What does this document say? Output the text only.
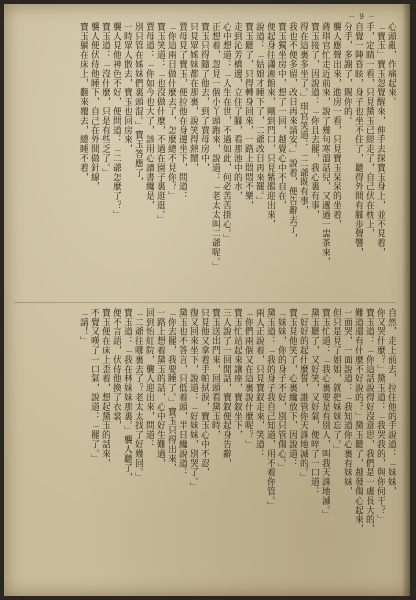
－ 9 －
心頭亂，作痛起來。
「寶玉」寶玉忽覺醒來，伸手去探寶玉身上，並不見着，
手，定睛一看，只見黛玉已經走了，自己伏在枕上，
自覺一陣昏眩，身子也坐不住了，聽得外間有腳步聲響，
分手，多謝了，賜你的。
襲人應聲出來，進房一看，只見寶玉呆呆的坐着，
蔣琪官忙走近前來，說了幾句寒溫話兒，又遞過一盅茶來，
寶玉接了，因說道：「你且去罷，我心裏有事，
得在這裏多坐了。」琪官笑道：「二爺既有事，
我也不便多留，改日再來請安。」說着，便告辭去了，
寶玉獨坐房中，想了一回，越覺心中不自在，
便起身往瀟湘館來，剛到門口，只見紫鵑迎出來，
說道：「姑娘才睡下了，二爺改日再來罷。」
寶玉聽了，只得轉身回來，一路上悶悶不樂，
走到沁芳橋邊，立住了腳，看那池中的水，
心中想道：「人生在世，不過如此，何必苦苦掛心。」
正想着，忽見一個小丫頭跑來，說道：「老太太叫二爺呢。」
寶玉只得隨了他去，到了賈母房中，
只見眾姊妹都在那裏，說笑得熱鬧，
賈母見了寶玉，便拉他在身邊坐下，問道：
「你這兩日做什麼去了，怎麼總不見你？」
寶玉笑道：「也沒做什麼，不過在園子裏逛逛。」
賈母道：「你如今也大了，該用心讀書纔是，
別只管在姊妹們裏頭混。」寶玉答應了，
一時眾人散去，寶玉也回房來，
襲人見他神色不好，便問道：「二爺怎麼了？」
寶玉道：「沒什麼，只是有些乏了。」
襲人便伏侍他睡下，自己在外間做針線，
寶玉躺在床上，翻來覆去，總睡不着，
自然，走上前去，拉住他的手說道：「妹妹，
你又哭什麼？」黛玉道：「我哭我的，與你何干？」
寶玉道：「你這話說得好沒意思，我們是一處長大的，
難道還有什麼不好說的？」黛玉聽了，越發傷心起來，
一面哭，一面說道：「我知道你心裏有妹妹，
但只是見了姐姐，就把妹妹忘了。」
寶玉忙道：「我心裏要是有別人，叫我天誅地滅。」
黛玉聽了，又好笑，又好氣，便啐了一口道：
「好好的起什麼誓，誰管你天誅地滅的。」
寶玉見他笑了，心裏纔放下，因說道：
「妹妹，你的身子不好，別只管傷心。」
黛玉道：「我的身子我自己知道，用不着你管。」
兩人正說着，只見寶釵走來，笑道：
「你們兩個又在這裏說什麼呢？」
寶玉忙站起來讓座，寶釵坐下，
三人說了一回閒話，寶釵便起身告辭，
寶玉送出門來，回頭看黛玉時，
只見他又拿着手帕拭淚，寶玉心中不忍，
復又回來坐下，說道：「好妹妹，別哭了。」
黛玉也不答言，只低着頭，半日纔說道：
「你去罷，我要睡了。」寶玉只得出來，
一路上想着黛玉的話，心中好生難過，
回到怡紅院，襲人迎出來，問道：
「二爺往哪裏去了？老太太找了好幾回。」
寶玉道：「我在林妹妹那裏。」襲人聽了，
便不言語，伏侍他換了衣裳，
寶玉便在床上歪着，想起黛玉的話來，
不覺又嘆了一口氣，說道：「罷了。」
「請！」
